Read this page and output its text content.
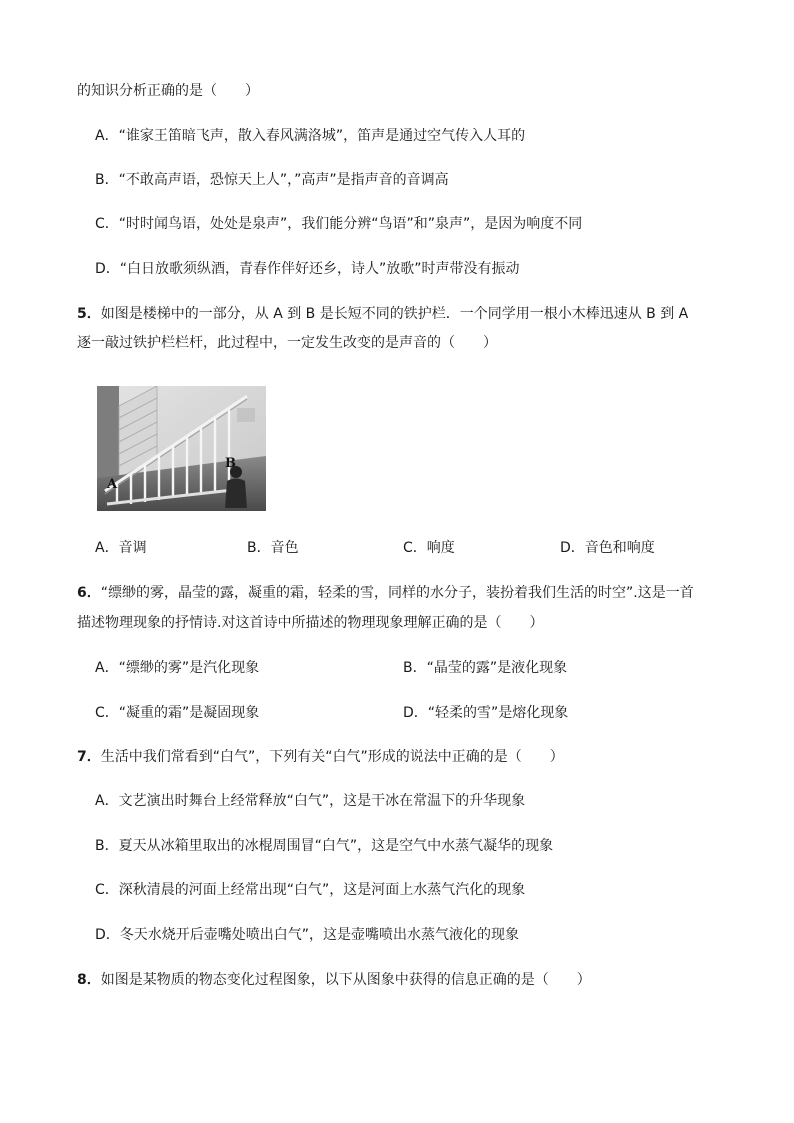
的知识分析正确的是（　　）
A．“谁家王笛暗飞声，散入春风满洛城”，笛声是通过空气传入人耳的
B．“不敢高声语，恐惊天上人”，”高声”是指声音的音调高
C．“时时闻鸟语，处处是泉声”，我们能分辨“鸟语”和”泉声”，是因为响度不同
D．“白日放歌须纵酒，青春作伴好还乡，诗人”放歌”时声带没有振动
5．如图是楼梯中的一部分，从 A 到 B 是长短不同的铁护栏．一个同学用一根小木棒迅速从 B 到 A
逐一敲过铁护栏栏杆，此过程中，一定发生改变的是声音的（　　）
A
B
A．音调	B．音色	C．响度	D．音色和响度
6．“缥缈的雾，晶莹的露，凝重的霜，轻柔的雪，同样的水分子，装扮着我们生活的时空”.这是一首
描述物理现象的抒情诗.对这首诗中所描述的物理现象理解正确的是（　　）
A．“缥缈的雾”是汽化现象	B．“晶莹的露”是液化现象
C．“凝重的霜”是凝固现象	D．“轻柔的雪”是熔化现象
7．生活中我们常看到“白气”，下列有关“白气”形成的说法中正确的是（　　）
A．文艺演出时舞台上经常释放“白气”，这是干冰在常温下的升华现象
B．夏天从冰箱里取出的冰棍周围冒“白气”，这是空气中水蒸气凝华的现象
C．深秋清晨的河面上经常出现“白气”，这是河面上水蒸气汽化的现象
D．冬天水烧开后壶嘴处喷出白气”，这是壶嘴喷出水蒸气液化的现象
8．如图是某物质的物态变化过程图象，以下从图象中获得的信息正确的是（　　）
